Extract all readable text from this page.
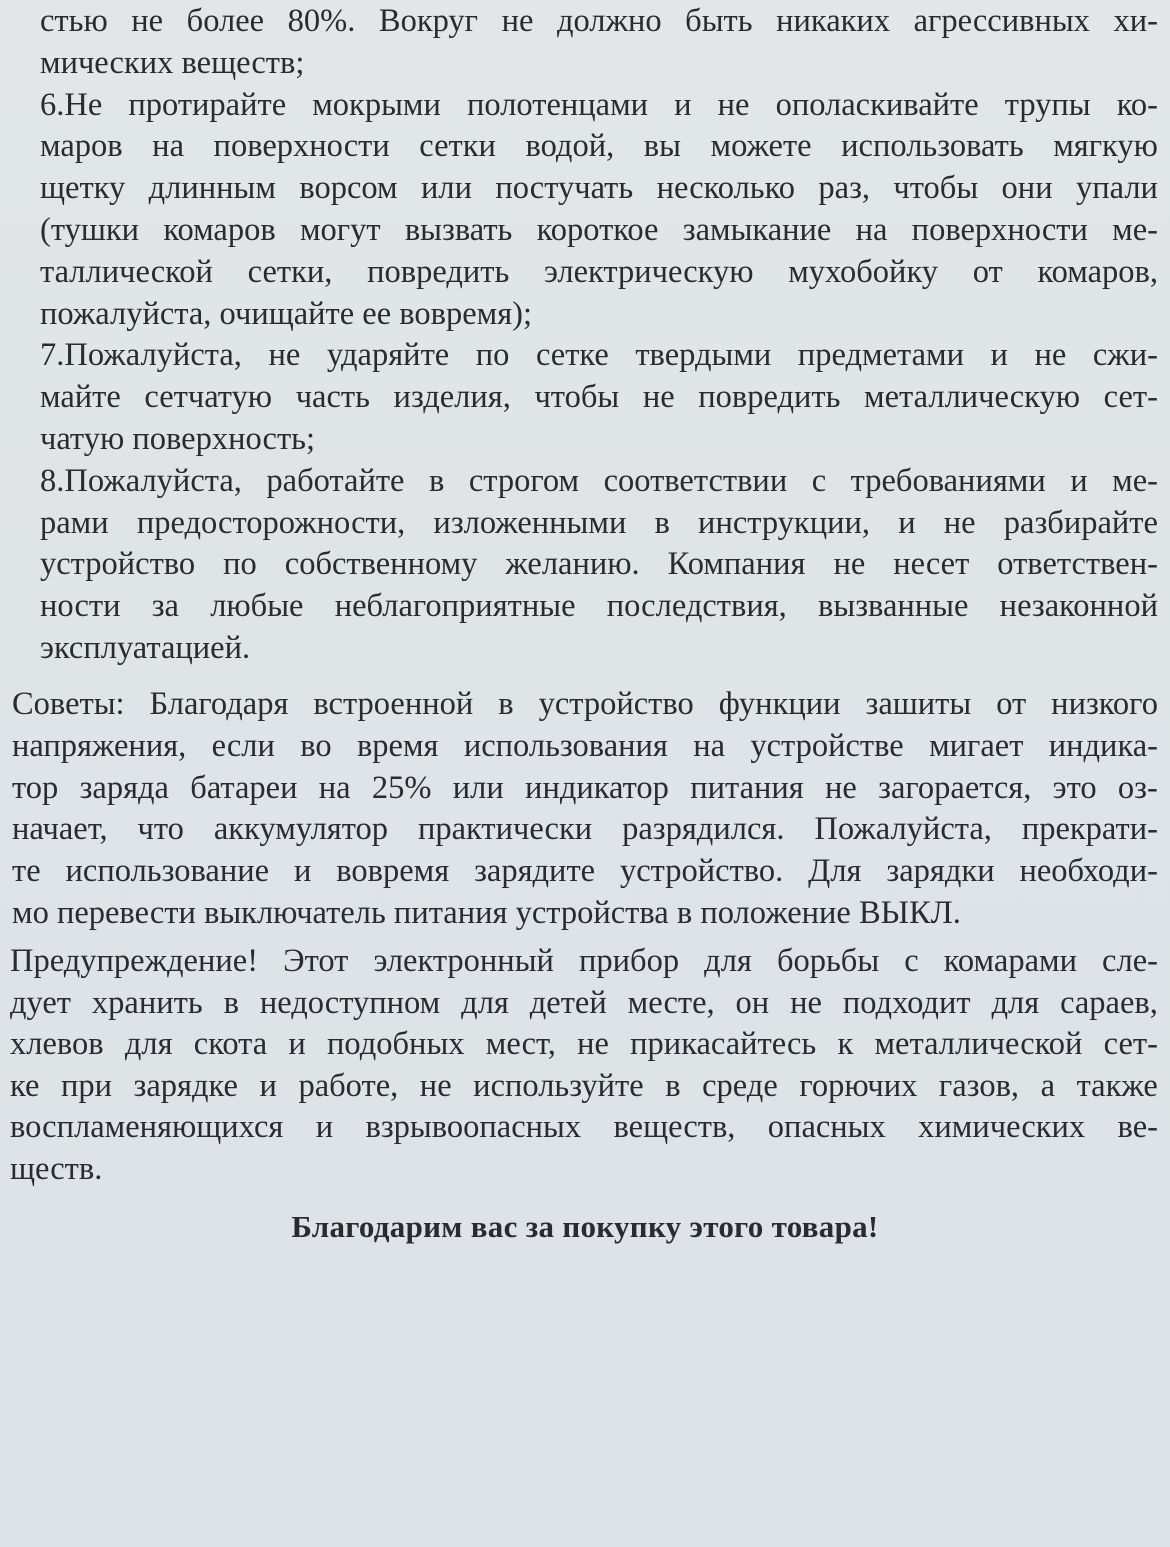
стью не более 80%. Вокруг не должно быть никаких агрессивных хи-
мических веществ;
6.Не протирайте мокрыми полотенцами и не ополаскивайте трупы ко-
маров на поверхности сетки водой, вы можете использовать мягкую
щетку длинным ворсом или постучать несколько раз, чтобы они упали
(тушки комаров могут вызвать короткое замыкание на поверхности ме-
таллической сетки, повредить электрическую мухобойку от комаров,
пожалуйста, очищайте ее вовремя);
7.Пожалуйста, не ударяйте по сетке твердыми предметами и не сжи-
майте сетчатую часть изделия, чтобы не повредить металлическую сет-
чатую поверхность;
8.Пожалуйста, работайте в строгом соответствии с требованиями и ме-
рами предосторожности, изложенными в инструкции, и не разбирайте
устройство по собственному желанию. Компания не несет ответствен-
ности за любые неблагоприятные последствия, вызванные незаконной
эксплуатацией.
Советы: Благодаря встроенной в устройство функции зашиты от низкого
напряжения, если во время использования на устройстве мигает индика-
тор заряда батареи на 25% или индикатор питания не загорается, это оз-
начает, что аккумулятор практически разрядился. Пожалуйста, прекрати-
те использование и вовремя зарядите устройство. Для зарядки необходи-
мо перевести выключатель питания устройства в положение ВЫКЛ.
Предупреждение! Этот электронный прибор для борьбы с комарами сле-
дует хранить в недоступном для детей месте, он не подходит для сараев,
хлевов для скота и подобных мест, не прикасайтесь к металлической сет-
ке при зарядке и работе, не используйте в среде горючих газов, а также
воспламеняющихся и взрывоопасных веществ, опасных химических ве-
ществ.
Благодарим вас за покупку этого товара!
